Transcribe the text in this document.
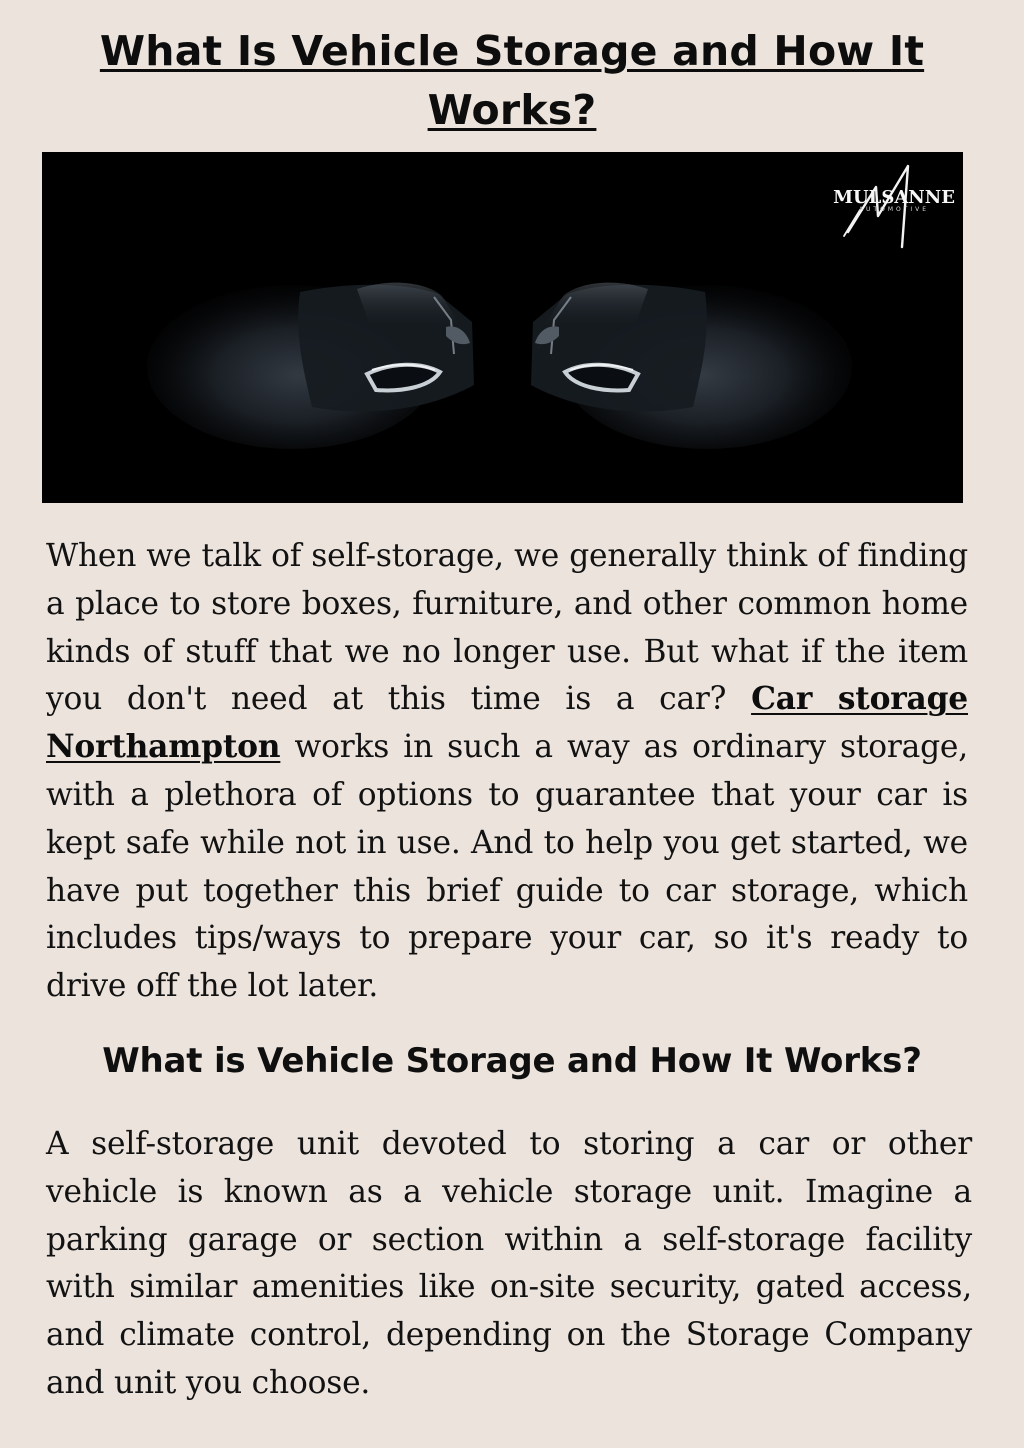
What Is Vehicle Storage and How It Works?
MULSANNE
AUTOMOTIVE

When we talk of self-storage, we generally think of finding a place to store boxes, furniture, and other common home kinds of stuff that we no longer use. But what if the item you don't need at this time is a car? Car storage Northampton works in such a way as ordinary storage, with a plethora of options to guarantee that your car is kept safe while not in use. And to help you get started, we have put together this brief guide to car storage, which includes tips/ways to prepare your car, so it's ready to drive off the lot later.

What is Vehicle Storage and How It Works?

A self-storage unit devoted to storing a car or other vehicle is known as a vehicle storage unit. Imagine a parking garage or section within a self-storage facility with similar amenities like on-site security, gated access, and climate control, depending on the Storage Company and unit you choose.
